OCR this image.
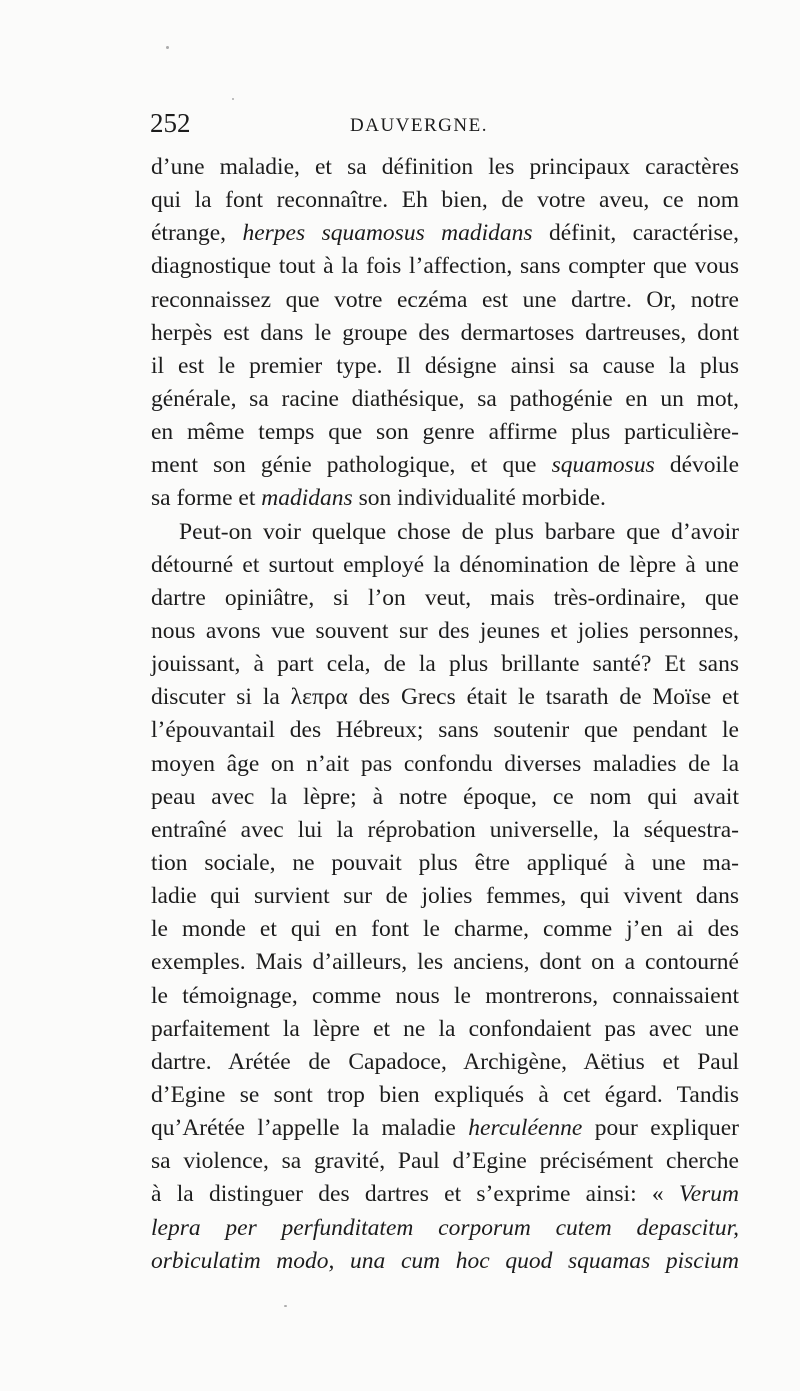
252	DAUVERGNE.
d’une maladie, et sa définition les principaux caractères
qui la font reconnaître. Eh bien, de votre aveu, ce nom
étrange, herpes squamosus madidans définit, caractérise,
diagnostique tout à la fois l’affection, sans compter que vous
reconnaissez que votre eczéma est une dartre. Or, notre
herpès est dans le groupe des dermartoses dartreuses, dont
il est le premier type. Il désigne ainsi sa cause la plus
générale, sa racine diathésique, sa pathogénie en un mot,
en même temps que son genre affirme plus particulière-
ment son génie pathologique, et que squamosus dévoile
sa forme et madidans son individualité morbide.
Peut-on voir quelque chose de plus barbare que d’avoir
détourné et surtout employé la dénomination de lèpre à une
dartre opiniâtre, si l’on veut, mais très-ordinaire, que
nous avons vue souvent sur des jeunes et jolies personnes,
jouissant, à part cela, de la plus brillante santé? Et sans
discuter si la λεπρα des Grecs était le tsarath de Moïse et
l’épouvantail des Hébreux; sans soutenir que pendant le
moyen âge on n’ait pas confondu diverses maladies de la
peau avec la lèpre; à notre époque, ce nom qui avait
entraîné avec lui la réprobation universelle, la séquestra-
tion sociale, ne pouvait plus être appliqué à une ma-
ladie qui survient sur de jolies femmes, qui vivent dans
le monde et qui en font le charme, comme j’en ai des
exemples. Mais d’ailleurs, les anciens, dont on a contourné
le témoignage, comme nous le montrerons, connaissaient
parfaitement la lèpre et ne la confondaient pas avec une
dartre. Arétée de Capadoce, Archigène, Aëtius et Paul
d’Egine se sont trop bien expliqués à cet égard. Tandis
qu’Arétée l’appelle la maladie herculéenne pour expliquer
sa violence, sa gravité, Paul d’Egine précisément cherche
à la distinguer des dartres et s’exprime ainsi: « Verum
lepra per perfunditatem corporum cutem depascitur,
orbiculatim modo, una cum hoc quod squamas piscium
